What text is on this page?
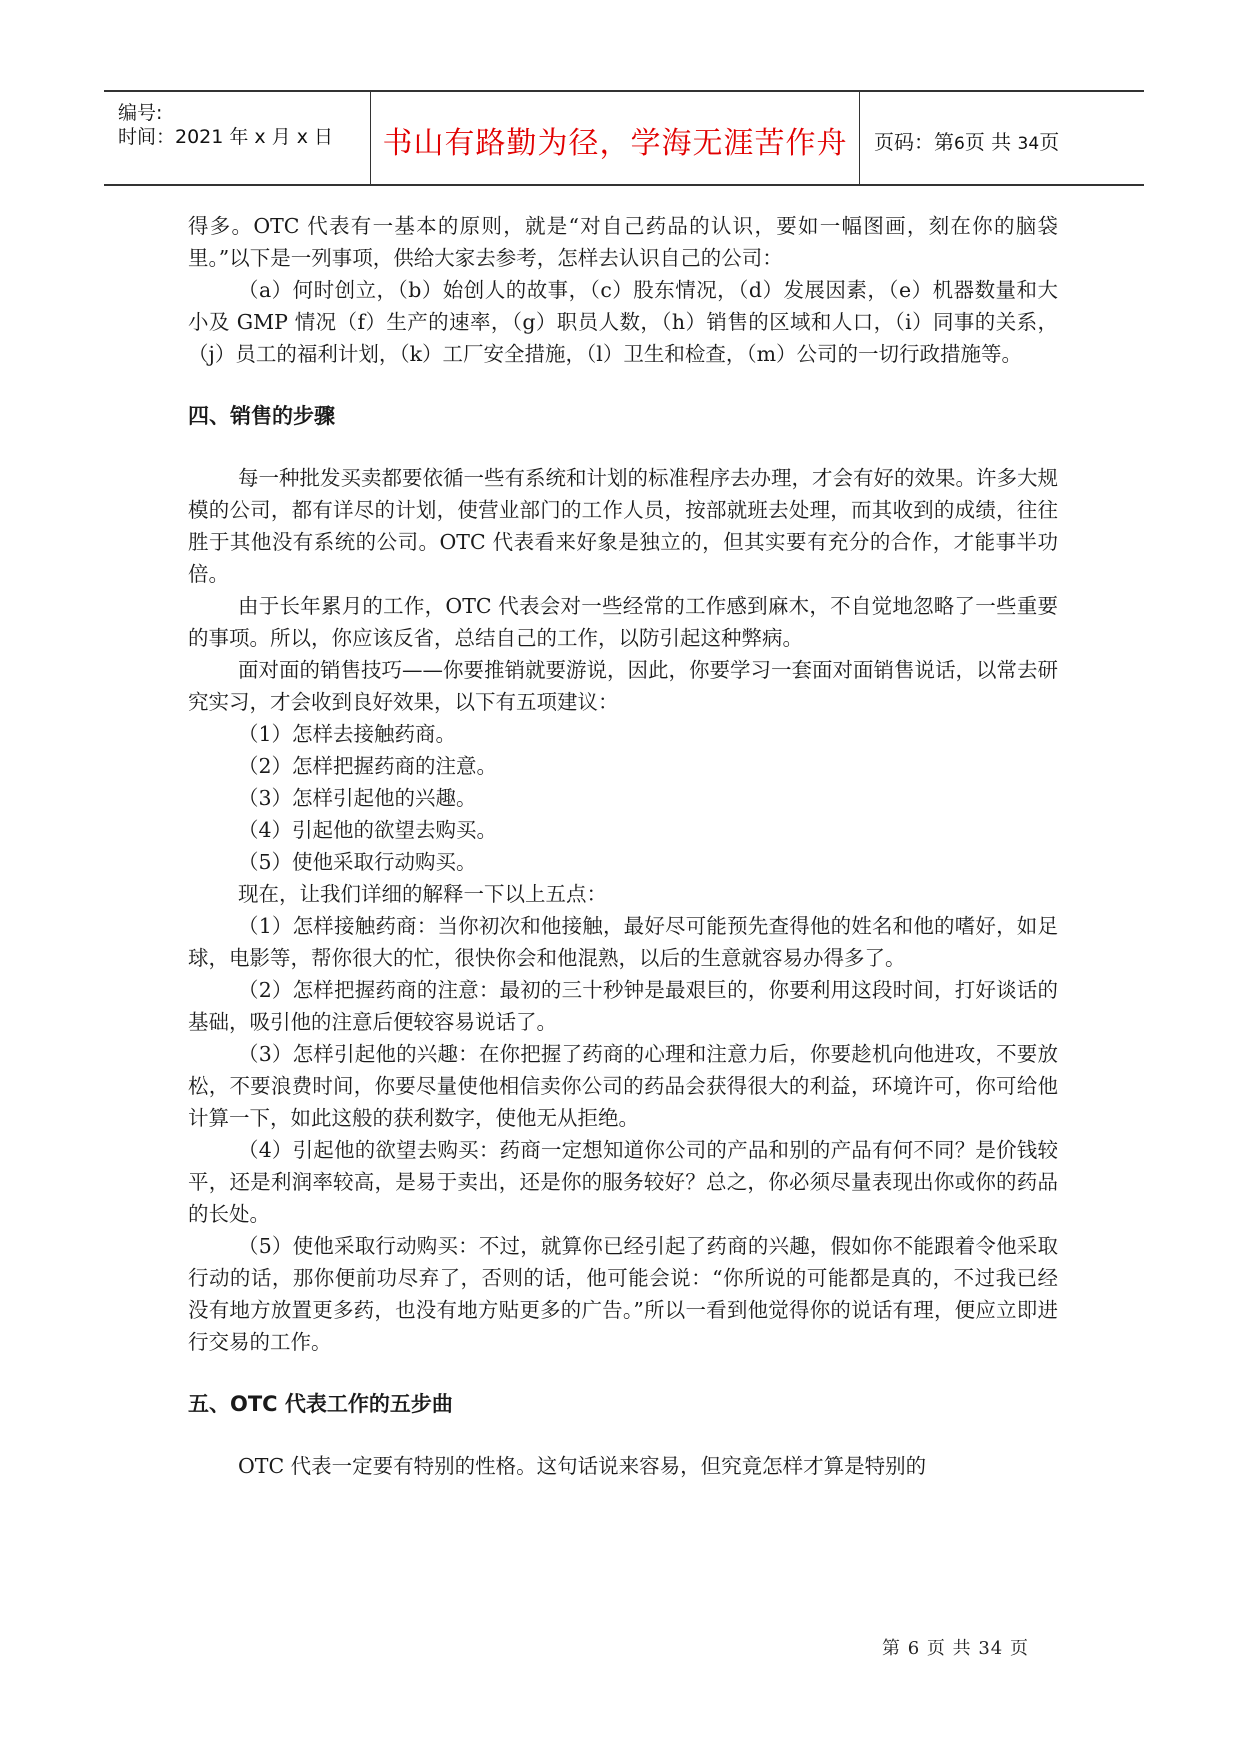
编号:
时间：2021 年 x 月 x 日	书山有路勤为径，学海无涯苦作舟	页码：第6页 共 34页

得多。OTC 代表有一基本的原则，就是“对自己药品的认识，要如一幅图画，刻在你的脑袋里。”以下是一列事项，供给大家去参考，怎样去认识自己的公司：

（a）何时创立，（b）始创人的故事，（c）股东情况，（d）发展因素，（e）机器数量和大小及 GMP 情况（f）生产的速率，（g）职员人数，（h）销售的区域和人口，（i）同事的关系，（j）员工的福利计划，（k）工厂安全措施，（l）卫生和检查，（m）公司的一切行政措施等。

四、销售的步骤

每一种批发买卖都要依循一些有系统和计划的标准程序去办理，才会有好的效果。许多大规模的公司，都有详尽的计划，使营业部门的工作人员，按部就班去处理，而其收到的成绩，往往胜于其他没有系统的公司。OTC 代表看来好象是独立的，但其实要有充分的合作，才能事半功倍。

由于长年累月的工作，OTC 代表会对一些经常的工作感到麻木，不自觉地忽略了一些重要的事项。所以，你应该反省，总结自己的工作，以防引起这种弊病。

面对面的销售技巧——你要推销就要游说，因此，你要学习一套面对面销售说话，以常去研究实习，才会收到良好效果，以下有五项建议：

（1）怎样去接触药商。

（2）怎样把握药商的注意。

（3）怎样引起他的兴趣。

（4）引起他的欲望去购买。

（5）使他采取行动购买。

现在，让我们详细的解释一下以上五点：

（1）怎样接触药商：当你初次和他接触，最好尽可能预先查得他的姓名和他的嗜好，如足球，电影等，帮你很大的忙，很快你会和他混熟，以后的生意就容易办得多了。

（2）怎样把握药商的注意：最初的三十秒钟是最艰巨的，你要利用这段时间，打好谈话的基础，吸引他的注意后便较容易说话了。

（3）怎样引起他的兴趣：在你把握了药商的心理和注意力后，你要趁机向他进攻，不要放松，不要浪费时间，你要尽量使他相信卖你公司的药品会获得很大的利益，环境许可，你可给他计算一下，如此这般的获利数字，使他无从拒绝。

（4）引起他的欲望去购买：药商一定想知道你公司的产品和别的产品有何不同？是价钱较平，还是利润率较高，是易于卖出，还是你的服务较好？总之，你必须尽量表现出你或你的药品的长处。

（5）使他采取行动购买：不过，就算你已经引起了药商的兴趣，假如你不能跟着令他采取行动的话，那你便前功尽弃了，否则的话，他可能会说：“你所说的可能都是真的，不过我已经没有地方放置更多药，也没有地方贴更多的广告。”所以一看到他觉得你的说话有理，便应立即进行交易的工作。

五、OTC 代表工作的五步曲

OTC 代表一定要有特别的性格。这句话说来容易，但究竟怎样才算是特别的

第 6 页 共 34 页
